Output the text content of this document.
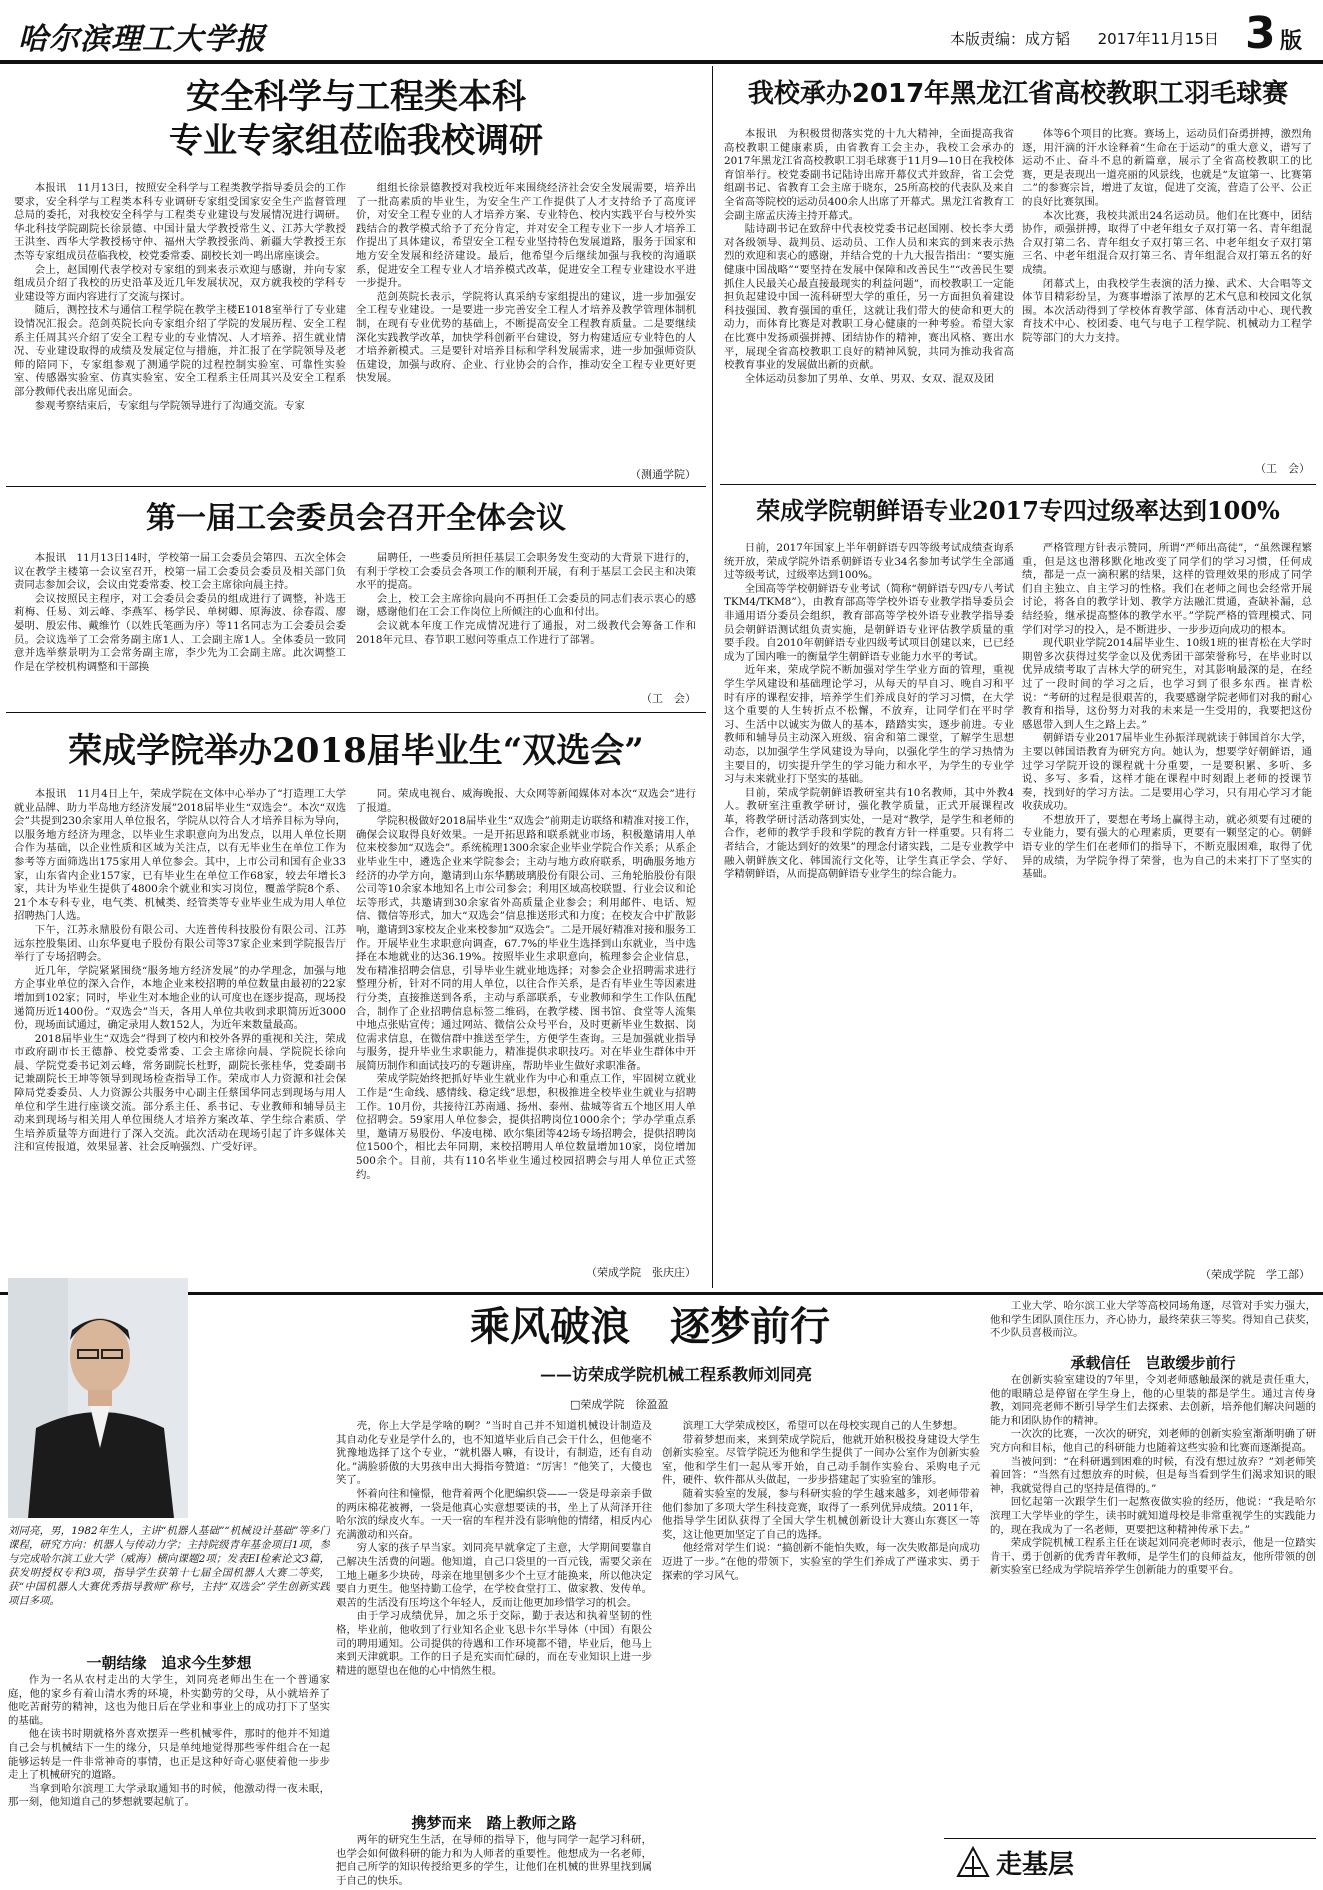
哈尔滨理工大学报	本版责编：成方韬 2017年11月15日 3 版
安全科学与工程类本科
专业专家组莅临我校调研

本报讯　11月13日，按照安全科学与工程类教学指导委员会的工作要求，安全科学与工程类本科专业调研专家组受国家安全生产监督管理总局的委托，对我校安全科学与工程类专业建设与发展情况进行调研。华北科技学院副院长徐景德、中国计量大学教授常生义、江苏大学教授王洪奎、西华大学教授杨守仲、福州大学教授张尚、新疆大学教授王东杰等专家组成员莅临我校，校党委常委、副校长刘一鸣出席座谈会。

会上，赵国刚代表学校对专家组的到来表示欢迎与感谢，并向专家组成员介绍了我校的历史沿革及近几年发展状况，双方就我校的学科专业建设等方面内容进行了交流与探讨。

随后，测控技术与通信工程学院在教学主楼E1018室举行了专业建设情况汇报会。范剑英院长向专家组介绍了学院的发展历程、安全工程系主任周其兴介绍了安全工程专业的专业情况、人才培养、招生就业情况、专业建设取得的成绩及发展定位与措施，并汇报了在学院领导及老师的陪同下，专家组参观了测通学院的过程控制实验室、可靠性实验室、传感器实验室、仿真实验室、安全工程系主任周其兴及安全工程系部分教师代表出席见面会。

参观考察结束后，专家组与学院领导进行了沟通交流。专家

组组长徐景德教授对我校近年来围绕经济社会安全发展需要，培养出了一批高素质的毕业生，为安全生产工作提供了人才支持给予了高度评价，对安全工程专业的人才培养方案、专业特色、校内实践平台与校外实践结合的教学模式给予了充分肯定，并对安全工程专业下一步人才培养工作提出了具体建议，希望安全工程专业坚持特色发展道路，服务于国家和地方安全发展和经济建设。最后，他希望今后继续加强与我校的沟通联系，促进安全工程专业人才培养模式改革，促进安全工程专业建设水平进一步提升。

范剑英院长表示，学院将认真采纳专家组提出的建议，进一步加强安全工程专业建设。一是要进一步完善安全工程人才培养及教学管理体制机制，在现有专业优势的基础上，不断提高安全工程教育质量。二是要继续深化实践教学改革，加快学科创新平台建设，努力构建适应专业特色的人才培养新模式。三是要针对培养目标和学科发展需求，进一步加强师资队伍建设，加强与政府、企业、行业协会的合作，推动安全工程专业更好更快发展。

（测通学院）
第一届工会委员会召开全体会议

本报讯　11月13日14时，学校第一届工会委员会第四、五次全体会议在教学主楼第一会议室召开，校第一届工会委员会委员及相关部门负责同志参加会议，会议由党委常委、校工会主席徐向晨主持。

会议按照民主程序，对工会委员会委员的组成进行了调整，补选王莉梅、任易、刘云峰、李燕军、杨学民、单树卿、原海波、徐春霞、廖晏明、殷宏伟、戴维竹（以姓氏笔画为序）等11名同志为工会委员会委员。会议选举了工会常务副主席1人、工会副主席1人。全体委员一致同意并选举蔡景明为工会常务副主席，李少先为工会副主席。此次调整工作是在学校机构调整和干部换

届聘任，一些委员所担任基层工会职务发生变动的大背景下进行的，有利于学校工会委员会各项工作的顺利开展，有利于基层工会民主和决策水平的提高。

会上，校工会主席徐向晨向不再担任工会委员的同志们表示衷心的感谢，感谢他们在工会工作岗位上所倾注的心血和付出。

会议就本年度工作完成情况进行了通报，对二级教代会筹备工作和2018年元旦、春节职工慰问等重点工作进行了部署。

（工　会）
荣成学院举办2018届毕业生“双选会”

本报讯　11月4日上午，荣成学院在文体中心举办了“打造理工大学就业品牌、助力半岛地方经济发展”2018届毕业生“双选会”。本次“双选会”共提到230余家用人单位报名，学院从以符合人才培养目标为导向，以服务地方经济为理念，以毕业生求职意向为出发点，以用人单位长期合作为基础，以企业性质和区域为关注点，以有无毕业生在单位工作为参考等方面筛选出175家用人单位参会。其中，上市公司和国有企业33家，山东省内企业157家，已有毕业生在单位工作68家，较去年增长3家，共计为毕业生提供了4800余个就业和实习岗位，覆盖学院8个系、21个本专科专业，电气类、机械类、经管类等专业毕业生成为用人单位招聘热门人选。

下午，江苏永鼎股份有限公司、大连普传科技股份有限公司、江苏远东控股集团、山东华夏电子股份有限公司等37家企业来到学院报告厅举行了专场招聘会。

近几年，学院紧紧围绕“服务地方经济发展”的办学理念，加强与地方企事业单位的深入合作，本地企业来校招聘的单位数量由最初的22家增加到102家；同时，毕业生对本地企业的认可度也在逐步提高，现场投递简历近1400份。“双选会”当天，各用人单位共收到求职简历近3000份，现场面试通过，确定录用人数152人，为近年来数量最高。

2018届毕业生“双选会”得到了校内和校外各界的重视和关注，荣成市政府副市长王德静、校党委常委、工会主席徐向晨、学院院长徐向晨、学院党委书记刘云峰，常务副院长杜野，副院长张桂华，党委副书记兼副院长王坤等领导到现场检查指导工作。荣成市人力资源和社会保障局党委委员、人力资源公共服务中心副主任蔡国华同志到现场与用人单位和学生进行座谈交流。部分系主任、系书记、专业教师和辅导员主动来到现场与相关用人单位围绕人才培养方案改革、学生综合素质、学生培养质量等方面进行了深入交流。此次活动在现场引起了许多媒体关注和宣传报道，效果显著、社会反响强烈、广受好评。

同。荣成电视台、威海晚报、大众网等新闻媒体对本次“双选会”进行了报道。

学院积极做好2018届毕业生“双选会”前期走访联络和精准对接工作，确保会议取得良好效果。一是开拓思路和联系就业市场，积极邀请用人单位来校参加“双选会”。系统梳理1300余家企业毕业学院合作关系；从系企业毕业生中，遴选企业来学院参会；主动与地方政府联系，明确服务地方经济的办学方向，邀请到山东华鹏玻璃股份有限公司、三角轮胎股份有限公司等10余家本地知名上市公司参会；利用区域高校联盟、行业会议和论坛等形式，共邀请到30余家省外高质量企业参会；利用邮件、电话、短信、微信等形式，加大“双选会”信息推送形式和力度；在校友合中扩散影响，邀请到3家校友企业来校参加“双选会”。二是开展好精准对接和服务工作。开展毕业生求职意向调查，67.7%的毕业生选择到山东就业，当中选择在本地就业的达36.19%。按照毕业生求职意向，梳理参会企业信息，发布精准招聘会信息，引导毕业生就业地选择；对参会企业招聘需求进行整理分析，针对不同的用人单位，以往合作关系，是否有毕业生等因素进行分类，直接推送到各系，主动与系部联系，专业教师和学生工作队伍配合，制作了企业招聘信息标签二维码，在教学楼、图书馆、食堂等人流集中地点张贴宣传；通过网站、微信公众号平台，及时更新毕业生数据、岗位需求信息，在微信群中推送至学生，方便学生查询。三是加强就业指导与服务，提升毕业生求职能力，精准提供求职技巧。对在毕业生群体中开展简历制作和面试技巧的专题讲座，帮助毕业生做好求职准备。

荣成学院始终把抓好毕业生就业作为中心和重点工作，牢固树立就业工作是“生命线、感情线、稳定线”思想，积极推进全校毕业生就业与招聘工作。10月份，共接待江苏南通、扬州、泰州、盐城等省五个地区用人单位招聘会。59家用人单位参会，提供招聘岗位1000余个；学办学重点系里，邀请万易股份、华凌电梯、欧尔集团等42场专场招聘会，提供招聘岗位1500个，相比去年同期，来校招聘用人单位数量增加10家，岗位增加500余个。目前，共有110名毕业生通过校园招聘会与用人单位正式签约。

（荣成学院　张庆庄）
我校承办2017年黑龙江省高校教职工羽毛球赛

本报讯　为积极贯彻落实党的十九大精神，全面提高我省高校教职工健康素质，由省教育工会主办，我校工会承办的2017年黑龙江省高校教职工羽毛球赛于11月9—10日在我校体育馆举行。校党委副书记陆诗出席开幕仪式并致辞，省工会党组副书记、省教育工会主席于晓东，25所高校的代表队及来自全省高等院校的运动员400余人出席了开幕式。黑龙江省教育工会副主席孟庆涛主持开幕式。

陆诗副书记在致辞中代表校党委书记赵国刚、校长李大勇对各级领导、裁判员、运动员、工作人员和来宾的到来表示热烈的欢迎和衷心的感谢，并结合党的十九大报告指出：“要实施健康中国战略”“要坚持在发展中保障和改善民生”“改善民生要抓住人民最关心最直接最现实的利益问题”，而校教职工一定能担负起建设中国一流科研型大学的重任，另一方面担负着建设科技强国、教育强国的重任，这就让我们带大的使命和更大的动力，而体育比赛是对教职工身心健康的一种考验。希望大家在比赛中发扬顽强拼搏、团结协作的精神，赛出风格、赛出水平，展现全省高校教职工良好的精神风貌，共同为推动我省高校教育事业的发展做出新的贡献。

全体运动员参加了男单、女单、男双、女双、混双及团

体等6个项目的比赛。赛场上，运动员们奋勇拼搏，激烈角逐，用汗滴的汗水诠释着“生命在于运动”的重大意义，谱写了运动不止、奋斗不息的新篇章，展示了全省高校教职工的比赛，更是表现出一道亮丽的风景线，也就是“友谊第一、比赛第二”的参赛宗旨，增进了友谊，促进了交流，营造了公平、公正的良好比赛氛围。

本次比赛，我校共派出24名运动员。他们在比赛中，团结协作，顽强拼搏，取得了中老年组女子双打第一名、青年组混合双打第二名、青年组女子双打第三名、中老年组女子双打第三名、中老年组混合双打第三名、青年组混合双打第五名的好成绩。

闭幕式上，由我校学生表演的活力操、武术、大合唱等文体节目精彩纷呈，为赛事增添了浓厚的艺术气息和校园文化氛围。本次活动得到了学校体育教学部、体育活动中心、现代教育技术中心、校团委、电气与电子工程学院、机械动力工程学院等部门的大力支持。

（工　会）
荣成学院朝鲜语专业2017专四过级率达到100%

日前，2017年国家上半年朝鲜语专四等级考试成绩查询系统开放，荣成学院外语系朝鲜语专业34名参加考试学生全部通过等级考试，过级率达到100%。

全国高等学校朝鲜语专业考试（简称“朝鲜语专四/专八考试TKM4/TKM8”），由教育部高等学校外语专业教学指导委员会非通用语分委员会组织，教育部高等学校外语专业教学指导委员会朝鲜语测试组负责实施，是朝鲜语专业评估教学质量的重要手段。自2010年朝鲜语专业四级考试项目创建以来，已已经成为了国内唯一的衡量学生朝鲜语专业能力水平的考试。

近年来，荣成学院不断加强对学生学业方面的管理，重视学生学风建设和基础理论学习，从每天的早自习、晚自习和平时有序的课程安排，培养学生们养成良好的学习习惯，在大学这个重要的人生转折点不松懈，不放弃，让同学们在平时学习、生活中以诚实为做人的基本，踏踏实实，逐步前进。专业教师和辅导员主动深入班级、宿舍和第二课堂，了解学生思想动态，以加强学生学风建设为导向，以强化学生的学习热情为主要目的，切实提升学生的学习能力和水平，为学生的专业学习与未来就业打下坚实的基础。

目前，荣成学院朝鲜语教研室共有10名教师，其中外教4人。教研室注重教学研讨，强化教学质量，正式开展课程改革，将教学研讨活动落到实处，一是对“教学，是学生和老师的合作，老师的教学手段和学院的教育方针一样重要。只有将二者结合，才能达到好的效果”的理念付诸实践，二是专业教学中融入朝鲜族文化、韩国流行文化等，让学生真正学会、学好、学精朝鲜语，从而提高朝鲜语专业学生的综合能力。

严格管理方针表示赞同，所谓“严师出高徒”，“虽然课程繁重，但是这也潜移默化地改变了同学们的学习习惯，任何成绩，都是一点一滴积累的结果，这样的管理效果的形成了同学们自主独立、自主学习的性格。我们在老师之间也会经常开展讨论，将各自的教学计划、教学方法融汇贯通，查缺补漏，总结经验，继承提高整体的教学水平。”学院严格的管理模式、同学们对学习的投入，是不断进步、一步步迈向成功的根本。

现代职业学院2014届毕业生、10级1班的崔青松在大学时期曾多次获得过奖学金以及优秀团干部荣誉称号，在毕业时以优异成绩考取了吉林大学的研究生，对其影响最深的是，在经过了一段时间的学习之后，也学习到了很多东西。崔青松说：“考研的过程是很艰苦的，我要感谢学院老师们对我的耐心教育和指导，这份努力对我的未来是一生受用的，我要把这份感恩带入到人生之路上去。”

朝鲜语专业2017届毕业生孙振洋现就读于韩国首尔大学，主要以韩国语教育为研究方向。她认为，想要学好朝鲜语，通过学习学院开设的课程就十分重要，一是要积累、多听、多说、多写、多看，这样才能在课程中时刻跟上老师的授课节奏，找到好的学习方法。二是要用心学习，只有用心学习才能收获成功。

不想放开了，要想在考场上赢得主动，就必须要有过硬的专业能力，要有强大的心理素质，更要有一颗坚定的心。朝鲜语专业的学生们在老师们的指导下，不断克服困难，取得了优异的成绩，为学院争得了荣誉，也为自己的未来打下了坚实的基础。

（荣成学院　学工部）
乘风破浪　逐梦前行
——访荣成学院机械工程系教师刘同亮
□荣成学院　徐盈盈
刘同亮，男，1982年生人，主讲“机器人基础”“机械设计基础”等多门课程，研究方向：机器人与传动力学；主持院级青年基金项目1项，参与完成哈尔滨工业大学（威海）横向课题2项；发表EI检索论文3篇，获发明授权专利3项，指导学生获第十七届全国机器人大赛二等奖，获“中国机器人大赛优秀指导教师”称号，主持“双选会”学生创新实践项目多项。
一朝结缘　追求今生梦想

作为一名从农村走出的大学生，刘同亮老师出生在一个普通家庭，他的家乡有着山清水秀的环境，朴实勤劳的父母，从小就培养了他吃苦耐劳的精神，这也为他日后在学业和事业上的成功打下了坚实的基础。

他在读书时期就格外喜欢摆弄一些机械零件，那时的他并不知道自己会与机械结下一生的缘分，只是单纯地觉得那些零件组合在一起能够运转是一件非常神奇的事情，也正是这种好奇心驱使着他一步步走上了机械研究的道路。

当拿到哈尔滨理工大学录取通知书的时候，他激动得一夜未眠，那一刻，他知道自己的梦想就要起航了。

壳，你上大学是学啥的啊？”当时自己并不知道机械设计制造及其自动化专业是学什么的，也不知道毕业后自己会干什么，但他毫不犹豫地选择了这个专业，“就机器人嘛，有设计，有制造，还有自动化。”满脸骄傲的大男孩申出大拇指夸赞道：“厉害！”他笑了，大傻也笑了。

怀着向往和憧憬，他背着两个化肥编织袋——一袋是母亲亲手做的两床棉花被褥，一袋是他真心实意想要读的书，坐上了从菏泽开往哈尔滨的绿皮火车。一天一宿的车程并没有影响他的情绪，相反内心充满激动和兴奋。

穷人家的孩子早当家。刘同亮早就拿定了主意，大学期间要靠自己解决生活费的问题。他知道，自己口袋里的一百元钱，需要父亲在工地上砸多少块砖，母亲在地里刨多少个土豆才能换来，所以他决定要自力更生。他坚持勤工俭学，在学校食堂打工、做家教、发传单。艰苦的生活没有压垮这个年轻人，反而让他更加珍惜学习的机会。

由于学习成绩优异，加之乐于交际，勤于表达和执着坚韧的性格，毕业前，他收到了行业知名企业飞思卡尔半导体（中国）有限公司的聘用通知。公司提供的待遇和工作环境都不错，毕业后，他马上来到天津就职。工作的日子是充实而忙碌的，而在专业知识上进一步精进的愿望也在他的心中悄然生根。

携梦而来　踏上教师之路

两年的研究生生活，在导师的指导下，他与同学一起学习科研，也学会如何做科研的能力和为人师者的重要性。他想成为一名老师，把自己所学的知识传授给更多的学生，让他们在机械的世界里找到属于自己的快乐。

滨理工大学荣成校区，希望可以在母校实现自己的人生梦想。

带着梦想而来，来到荣成学院后，他就开始积极投身建设大学生创新实验室。尽管学院还为他和学生提供了一间办公室作为创新实验室，他和学生们一起从零开始，自己动手制作实验台、采购电子元件，硬件、软件都从头做起，一步步搭建起了实验室的雏形。

随着实验室的发展，参与科研实验的学生越来越多，刘老师带着他们参加了多项大学生科技竞赛，取得了一系列优异成绩。2011年，他指导学生团队获得了全国大学生机械创新设计大赛山东赛区一等奖，这让他更加坚定了自己的选择。

他经常对学生们说：“搞创新不能怕失败，每一次失败都是向成功迈进了一步。”在他的带领下，实验室的学生们养成了严谨求实、勇于探索的学习风气。

工业大学、哈尔滨工业大学等高校同场角逐，尽管对手实力强大，他和学生团队顶住压力，齐心协力，最终荣获三等奖。得知自己获奖，不少队员喜极而泣。

承载信任　岂敢缓步前行

在创新实验室建设的7年里，令刘老师感触最深的就是责任重大，他的眼睛总是停留在学生身上，他的心里装的都是学生。通过言传身教，刘同亮老师不断引导学生们去探索、去创新，培养他们解决问题的能力和团队协作的精神。

一次次的比赛，一次次的研究，刘老师的创新实验室渐渐明确了研究方向和目标，他自己的科研能力也随着这些实验和比赛而逐渐提高。

当被问到：“在科研遇到困难的时候，有没有想过放弃？”刘老师笑着回答：“当然有过想放弃的时候，但是每当看到学生们渴求知识的眼神，我就觉得自己的坚持是值得的。”

回忆起第一次跟学生们一起熬夜做实验的经历，他说：“我是哈尔滨理工大学毕业的学生，读书时就知道母校是非常重视学生的实践能力的，现在我成为了一名老师，更要把这种精神传承下去。”

荣成学院机械工程系主任在谈起刘同亮老师时表示，他是一位踏实肯干、勇于创新的优秀青年教师，是学生们的良师益友，他所带领的创新实验室已经成为学院培养学生创新能力的重要平台。

走基层
